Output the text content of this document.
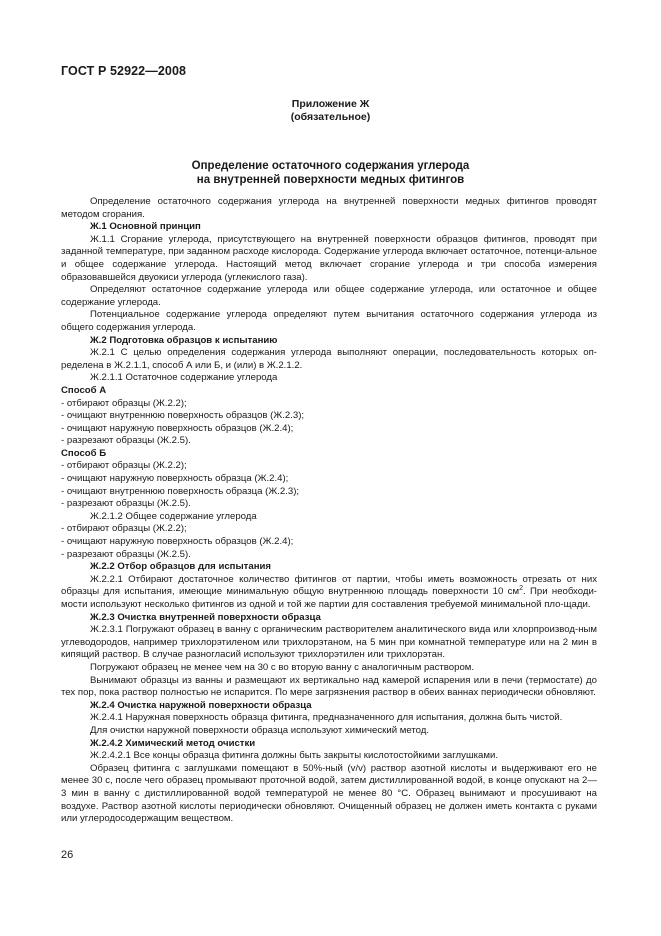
ГОСТ Р 52922—2008
Приложение Ж
(обязательное)
Определение остаточного содержания углерода
на внутренней поверхности медных фитингов

Определение остаточного содержания углерода на внутренней поверхности медных фитингов проводят методом сгорания.

Ж.1 Основной принцип

Ж.1.1 Сгорание углерода, присутствующего на внутренней поверхности образцов фитингов, проводят при заданной температуре, при заданном расходе кислорода. Содержание углерода включает остаточное, потенци-альное и общее содержание углерода. Настоящий метод включает сгорание углерода и три способа измерения образовавшейся двуокиси углерода (углекислого газа).

Определяют остаточное содержание углерода или общее содержание углерода, или остаточное и общее содержание углерода.

Потенциальное содержание углерода определяют путем вычитания остаточного содержания углерода из общего содержания углерода.

Ж.2 Подготовка образцов к испытанию

Ж.2.1 С целью определения содержания углерода выполняют операции, последовательность которых оп-ределена в Ж.2.1.1, способ А или Б, и (или) в Ж.2.1.2.

Ж.2.1.1 Остаточное содержание углерода

Способ А

- отбирают образцы (Ж.2.2);

- очищают внутреннюю поверхность образцов (Ж.2.3);

- очищают наружную поверхность образцов (Ж.2.4);

- разрезают образцы (Ж.2.5).

Способ Б

- отбирают образцы (Ж.2.2);

- очищают наружную поверхность образца (Ж.2.4);

- очищают внутреннюю поверхность образца (Ж.2.3);

- разрезают образцы (Ж.2.5).

Ж.2.1.2 Общее содержание углерода

- отбирают образцы (Ж.2.2);

- очищают наружную поверхность образцов (Ж.2.4);

- разрезают образцы (Ж.2.5).

Ж.2.2 Отбор образцов для испытания

Ж.2.2.1 Отбирают достаточное количество фитингов от партии, чтобы иметь возможность отрезать от них образцы для испытания, имеющие минимальную общую внутреннюю площадь поверхности 10 $см^2$. При необходи-мости используют несколько фитингов из одной и той же партии для составления требуемой минимальной пло-щади.

Ж.2.3 Очистка внутренней поверхности образца

Ж.2.3.1 Погружают образец в ванну с органическим растворителем аналитического вида или хлорпроизвод-ным углеводородов, например трихлорэтиленом или трихлорэтаном, на 5 мин при комнатной температуре или на 2 мин в кипящий раствор. В случае разногласий используют трихлорэтилен или трихлорэтан.

Погружают образец не менее чем на 30 с во вторую ванну с аналогичным раствором.

Вынимают образцы из ванны и размещают их вертикально над камерой испарения или в печи (термостате) до тех пор, пока раствор полностью не испарится. По мере загрязнения раствор в обеих ваннах периодически обновляют.

Ж.2.4 Очистка наружной поверхности образца

Ж.2.4.1 Наружная поверхность образца фитинга, предназначенного для испытания, должна быть чистой.

Для очистки наружной поверхности образца используют химический метод.

Ж.2.4.2 Химический метод очистки

Ж.2.4.2.1 Все концы образца фитинга должны быть закрыты кислотостойкими заглушками.

Образец фитинга с заглушками помещают в 50%-ный (v/v) раствор азотной кислоты и выдерживают его не менее 30 с, после чего образец промывают проточной водой, затем дистиллированной водой, в конце опускают на 2—3 мин в ванну с дистиллированной водой температурой не менее 80 °С. Образец вынимают и просушивают на воздухе. Раствор азотной кислоты периодически обновляют. Очищенный образец не должен иметь контакта с руками или углеродосодержащим веществом.

26
